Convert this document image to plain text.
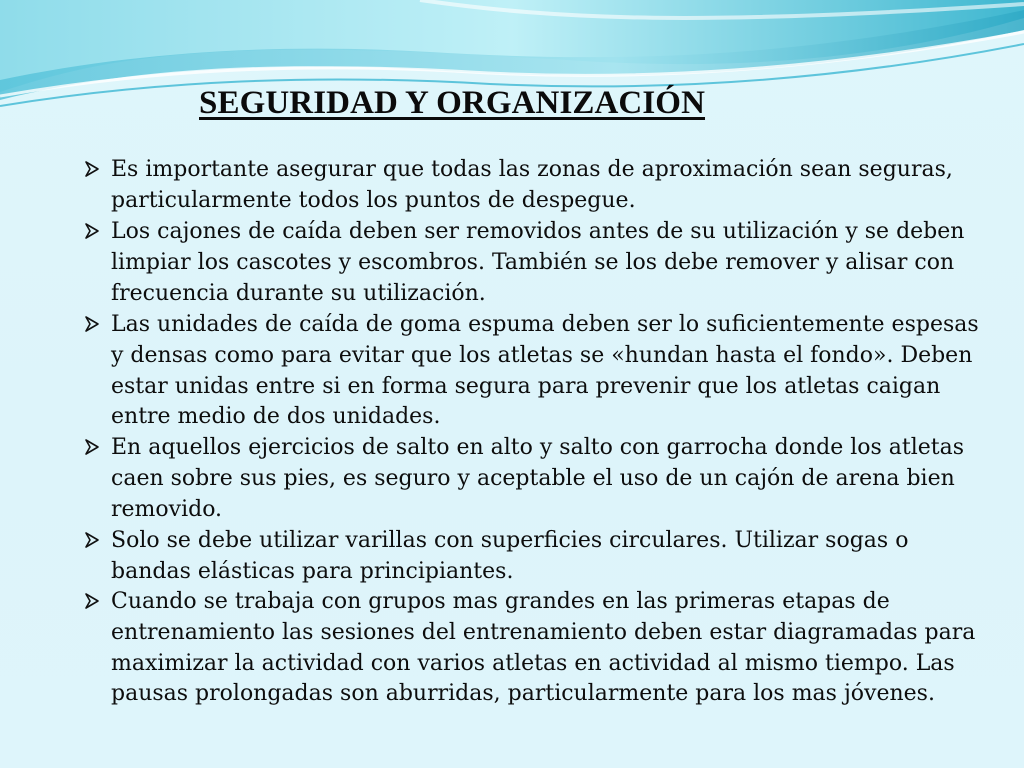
SEGURIDAD Y ORGANIZACIÓN
Es importante asegurar que todas las zonas de aproximación sean seguras, particularmente todos los puntos de despegue.
Los cajones de caída deben ser removidos antes de su utilización y se deben limpiar los cascotes y escombros. También se los debe remover y alisar con frecuencia durante su utilización.
Las unidades de caída de goma espuma deben ser lo suficientemente espesas y densas como para evitar que los atletas se «hundan hasta el fondo». Deben estar unidas entre si en forma segura para prevenir que los atletas caigan entre medio de dos unidades.
En aquellos ejercicios de salto en alto y salto con garrocha donde los atletas caen sobre sus pies, es seguro y aceptable el uso de un cajón de arena bien removido.
Solo se debe utilizar varillas con superficies circulares. Utilizar sogas o bandas elásticas para principiantes.
Cuando se trabaja con grupos mas grandes en las primeras etapas de entrenamiento las sesiones del entrenamiento deben estar diagramadas para maximizar la actividad con varios atletas en actividad al mismo tiempo. Las pausas prolongadas son aburridas, particularmente para los mas jóvenes.
